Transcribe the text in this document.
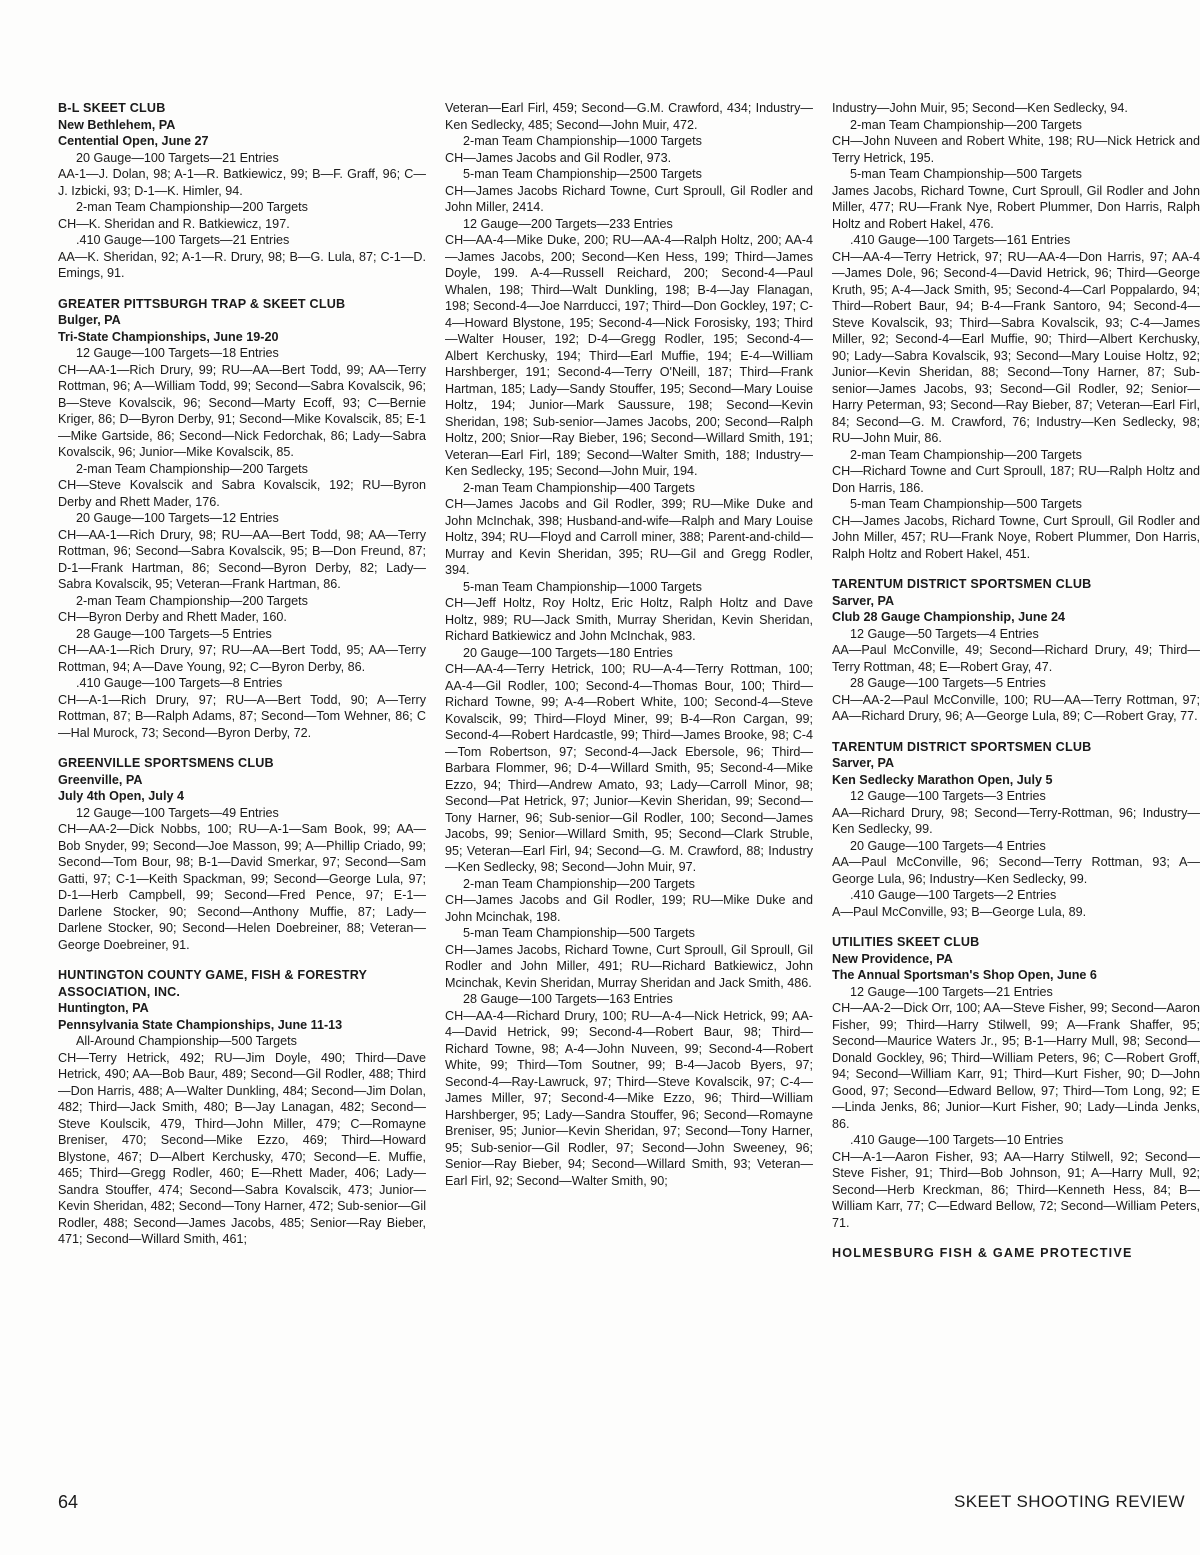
B-L SKEET CLUB
New Bethlehem, PA
Centential Open, June 27
20 Gauge—100 Targets—21 Entries
AA-1—J. Dolan, 98; A-1—R. Batkiewicz, 99; B—F. Graff, 96; C—J. Izbicki, 93; D-1—K. Himler, 94.
2-man Team Championship—200 Targets
CH—K. Sheridan and R. Batkiewicz, 197.
.410 Gauge—100 Targets—21 Entries
AA—K. Sheridan, 92; A-1—R. Drury, 98; B—G. Lula, 87; C-1—D. Emings, 91.
GREATER PITTSBURGH TRAP & SKEET CLUB
Bulger, PA
Tri-State Championships, June 19-20
12 Gauge—100 Targets—18 Entries
CH—AA-1—Rich Drury, 99; RU—AA—Bert Todd, 99; AA—Terry Rottman, 96; A—William Todd, 99; Second—Sabra Kovalscik, 96; B—Steve Kovalscik, 96; Second—Marty Ecoff, 93; C—Bernie Kriger, 86; D—Byron Derby, 91; Second—Mike Kovalscik, 85; E-1—Mike Gartside, 86; Second—Nick Fedorchak, 86; Lady—Sabra Kovalscik, 96; Junior—Mike Kovalscik, 85.
2-man Team Championship—200 Targets
CH—Steve Kovalscik and Sabra Kovalscik, 192; RU—Byron Derby and Rhett Mader, 176.
20 Gauge—100 Targets—12 Entries
CH—AA-1—Rich Drury, 98; RU—AA—Bert Todd, 98; AA—Terry Rottman, 96; Second—Sabra Kovalscik, 95; B—Don Freund, 87; D-1—Frank Hartman, 86; Second—Byron Derby, 82; Lady—Sabra Kovalscik, 95; Veteran—Frank Hartman, 86.
2-man Team Championship—200 Targets
CH—Byron Derby and Rhett Mader, 160.
28 Gauge—100 Targets—5 Entries
CH—AA-1—Rich Drury, 97; RU—AA—Bert Todd, 95; AA—Terry Rottman, 94; A—Dave Young, 92; C—Byron Derby, 86.
.410 Gauge—100 Targets—8 Entries
CH—A-1—Rich Drury, 97; RU—A—Bert Todd, 90; A—Terry Rottman, 87; B—Ralph Adams, 87; Second—Tom Wehner, 86; C—Hal Murock, 73; Second—Byron Derby, 72.
GREENVILLE SPORTSMENS CLUB
Greenville, PA
July 4th Open, July 4
12 Gauge—100 Targets—49 Entries
CH—AA-2—Dick Nobbs, 100; RU—A-1—Sam Book, 99; AA—Bob Snyder, 99; Second—Joe Masson, 99; A—Phillip Criado, 99; Second—Tom Bour, 98; B-1—David Smerkar, 97; Second—Sam Gatti, 97; C-1—Keith Spackman, 99; Second—George Lula, 97; D-1—Herb Campbell, 99; Second—Fred Pence, 97; E-1—Darlene Stocker, 90; Second—Anthony Muffie, 87; Lady—Darlene Stocker, 90; Second—Helen Doebreiner, 88; Veteran—George Doebreiner, 91.
HUNTINGTON COUNTY GAME, FISH & FORESTRY ASSOCIATION, INC.
Huntington, PA
Pennsylvania State Championships, June 11-13
All-Around Championship—500 Targets
CH—Terry Hetrick, 492; RU—Jim Doyle, 490; Third—Dave Hetrick, 490; AA—Bob Baur, 489; Second—Gil Rodler, 488; Third—Don Harris, 488; A—Walter Dunkling, 484; Second—Jim Dolan, 482; Third—Jack Smith, 480; B—Jay Lanagan, 482; Second—Steve Koulscik, 479, Third—John Miller, 479; C—Romayne Breniser, 470; Second—Mike Ezzo, 469; Third—Howard Blystone, 467; D—Albert Kerchusky, 470; Second—E. Muffie, 465; Third—Gregg Rodler, 460; E—Rhett Mader, 406; Lady—Sandra Stouffer, 474; Second—Sabra Kovalscik, 473; Junior—Kevin Sheridan, 482; Second—Tony Harner, 472; Sub-senior—Gil Rodler, 488; Second—James Jacobs, 485; Senior—Ray Bieber, 471; Second—Willard Smith, 461;
Veteran—Earl Firl, 459; Second—G.M. Crawford, 434; Industry—Ken Sedlecky, 485; Second—John Muir, 472.
2-man Team Championship—1000 Targets
CH—James Jacobs and Gil Rodler, 973.
5-man Team Championship—2500 Targets
CH—James Jacobs Richard Towne, Curt Sproull, Gil Rodler and John Miller, 2414.
12 Gauge—200 Targets—233 Entries
CH—AA-4—Mike Duke, 200; RU—AA-4—Ralph Holtz, 200; AA-4—James Jacobs, 200; Second—Ken Hess, 199; Third—James Doyle, 199. A-4—Russell Reichard, 200; Second-4—Paul Whalen, 198; Third—Walt Dunkling, 198; B-4—Jay Flanagan, 198; Second-4—Joe Narrducci, 197; Third—Don Gockley, 197; C-4—Howard Blystone, 195; Second-4—Nick Forosisky, 193; Third—Walter Houser, 192; D-4—Gregg Rodler, 195; Second-4—Albert Kerchusky, 194; Third—Earl Muffie, 194; E-4—William Harshberger, 191; Second-4—Terry O'Neill, 187; Third—Frank Hartman, 185; Lady—Sandy Stouffer, 195; Second—Mary Louise Holtz, 194; Junior—Mark Saussure, 198; Second—Kevin Sheridan, 198; Sub-senior—James Jacobs, 200; Second—Ralph Holtz, 200; Snior—Ray Bieber, 196; Second—Willard Smith, 191; Veteran—Earl Firl, 189; Second—Walter Smith, 188; Industry—Ken Sedlecky, 195; Second—John Muir, 194.
2-man Team Championship—400 Targets
CH—James Jacobs and Gil Rodler, 399; RU—Mike Duke and John McInchak, 398; Husband-and-wife—Ralph and Mary Louise Holtz, 394; RU—Floyd and Carroll miner, 388; Parent-and-child—Murray and Kevin Sheridan, 395; RU—Gil and Gregg Rodler, 394.
5-man Team Championship—1000 Targets
CH—Jeff Holtz, Roy Holtz, Eric Holtz, Ralph Holtz and Dave Holtz, 989; RU—Jack Smith, Murray Sheridan, Kevin Sheridan, Richard Batkiewicz and John McInchak, 983.
20 Gauge—100 Targets—180 Entries
CH—AA-4—Terry Hetrick, 100; RU—A-4—Terry Rottman, 100; AA-4—Gil Rodler, 100; Second-4—Thomas Bour, 100; Third—Richard Towne, 99; A-4—Robert White, 100; Second-4—Steve Kovalscik, 99; Third—Floyd Miner, 99; B-4—Ron Cargan, 99; Second-4—Robert Hardcastle, 99; Third—James Brooke, 98; C-4—Tom Robertson, 97; Second-4—Jack Ebersole, 96; Third—Barbara Flommer, 96; D-4—Willard Smith, 95; Second-4—Mike Ezzo, 94; Third—Andrew Amato, 93; Lady—Carroll Minor, 98; Second—Pat Hetrick, 97; Junior—Kevin Sheridan, 99; Second—Tony Harner, 96; Sub-senior—Gil Rodler, 100; Second—James Jacobs, 99; Senior—Willard Smith, 95; Second—Clark Struble, 95; Veteran—Earl Firl, 94; Second—G. M. Crawford, 88; Industry—Ken Sedlecky, 98; Second—John Muir, 97.
2-man Team Championship—200 Targets
CH—James Jacobs and Gil Rodler, 199; RU—Mike Duke and John Mcinchak, 198.
5-man Team Championship—500 Targets
CH—James Jacobs, Richard Towne, Curt Sproull, Gil Sproull, Gil Rodler and John Miller, 491; RU—Richard Batkiewicz, John Mcinchak, Kevin Sheridan, Murray Sheridan and Jack Smith, 486.
28 Gauge—100 Targets—163 Entries
CH—AA-4—Richard Drury, 100; RU—A-4—Nick Hetrick, 99; AA-4—David Hetrick, 99; Second-4—Robert Baur, 98; Third—Richard Towne, 98; A-4—John Nuveen, 99; Second-4—Robert White, 99; Third—Tom Soutner, 99; B-4—Jacob Byers, 97; Second-4—Ray-Lawruck, 97; Third—Steve Kovalscik, 97; C-4—James Miller, 97; Second-4—Mike Ezzo, 96; Third—William Harshberger, 95; Lady—Sandra Stouffer, 96; Second—Romayne Breniser, 95; Junior—Kevin Sheridan, 97; Second—Tony Harner, 95; Sub-senior—Gil Rodler, 97; Second—John Sweeney, 96; Senior—Ray Bieber, 94; Second—Willard Smith, 93; Veteran—Earl Firl, 92; Second—Walter Smith, 90;
Industry—John Muir, 95; Second—Ken Sedlecky, 94.
2-man Team Championship—200 Targets
CH—John Nuveen and Robert White, 198; RU—Nick Hetrick and Terry Hetrick, 195.
5-man Team Championship—500 Targets
James Jacobs, Richard Towne, Curt Sproull, Gil Rodler and John Miller, 477; RU—Frank Nye, Robert Plummer, Don Harris, Ralph Holtz and Robert Hakel, 476.
.410 Gauge—100 Targets—161 Entries
CH—AA-4—Terry Hetrick, 97; RU—AA-4—Don Harris, 97; AA-4—James Dole, 96; Second-4—David Hetrick, 96; Third—George Kruth, 95; A-4—Jack Smith, 95; Second-4—Carl Poppalardo, 94; Third—Robert Baur, 94; B-4—Frank Santoro, 94; Second-4—Steve Kovalscik, 93; Third—Sabra Kovalscik, 93; C-4—James Miller, 92; Second-4—Earl Muffie, 90; Third—Albert Kerchusky, 90; Lady—Sabra Kovalscik, 93; Second—Mary Louise Holtz, 92; Junior—Kevin Sheridan, 88; Second—Tony Harner, 87; Sub-senior—James Jacobs, 93; Second—Gil Rodler, 92; Senior—Harry Peterman, 93; Second—Ray Bieber, 87; Veteran—Earl Firl, 84; Second—G. M. Crawford, 76; Industry—Ken Sedlecky, 98; RU—John Muir, 86.
2-man Team Championship—200 Targets
CH—Richard Towne and Curt Sproull, 187; RU—Ralph Holtz and Don Harris, 186.
5-man Team Championship—500 Targets
CH—James Jacobs, Richard Towne, Curt Sproull, Gil Rodler and John Miller, 457; RU—Frank Noye, Robert Plummer, Don Harris, Ralph Holtz and Robert Hakel, 451.
TARENTUM DISTRICT SPORTSMEN CLUB
Sarver, PA
Club 28 Gauge Championship, June 24
12 Gauge—50 Targets—4 Entries
AA—Paul McConville, 49; Second—Richard Drury, 49; Third—Terry Rottman, 48; E—Robert Gray, 47.
28 Gauge—100 Targets—5 Entries
CH—AA-2—Paul McConville, 100; RU—AA—Terry Rottman, 97; AA—Richard Drury, 96; A—George Lula, 89; C—Robert Gray, 77.
TARENTUM DISTRICT SPORTSMEN CLUB
Sarver, PA
Ken Sedlecky Marathon Open, July 5
12 Gauge—100 Targets—3 Entries
AA—Richard Drury, 98; Second—Terry-Rottman, 96; Industry—Ken Sedlecky, 99.
20 Gauge—100 Targets—4 Entries
AA—Paul McConville, 96; Second—Terry Rottman, 93; A—George Lula, 96; Industry—Ken Sedlecky, 99.
.410 Gauge—100 Targets—2 Entries
A—Paul McConville, 93; B—George Lula, 89.
UTILITIES SKEET CLUB
New Providence, PA
The Annual Sportsman's Shop Open, June 6
12 Gauge—100 Targets—21 Entries
CH—AA-2—Dick Orr, 100; AA—Steve Fisher, 99; Second—Aaron Fisher, 99; Third—Harry Stilwell, 99; A—Frank Shaffer, 95; Second—Maurice Waters Jr., 95; B-1—Harry Mull, 98; Second—Donald Gockley, 96; Third—William Peters, 96; C—Robert Groff, 94; Second—William Karr, 91; Third—Kurt Fisher, 90; D—John Good, 97; Second—Edward Bellow, 97; Third—Tom Long, 92; E—Linda Jenks, 86; Junior—Kurt Fisher, 90; Lady—Linda Jenks, 86.
.410 Gauge—100 Targets—10 Entries
CH—A-1—Aaron Fisher, 93; AA—Harry Stilwell, 92; Second—Steve Fisher, 91; Third—Bob Johnson, 91; A—Harry Mull, 92; Second—Herb Kreckman, 86; Third—Kenneth Hess, 84; B—William Karr, 77; C—Edward Bellow, 72; Second—William Peters, 71.
HOLMESBURG FISH & GAME PROTECTIVE
64	SKEET SHOOTING REVIEW
